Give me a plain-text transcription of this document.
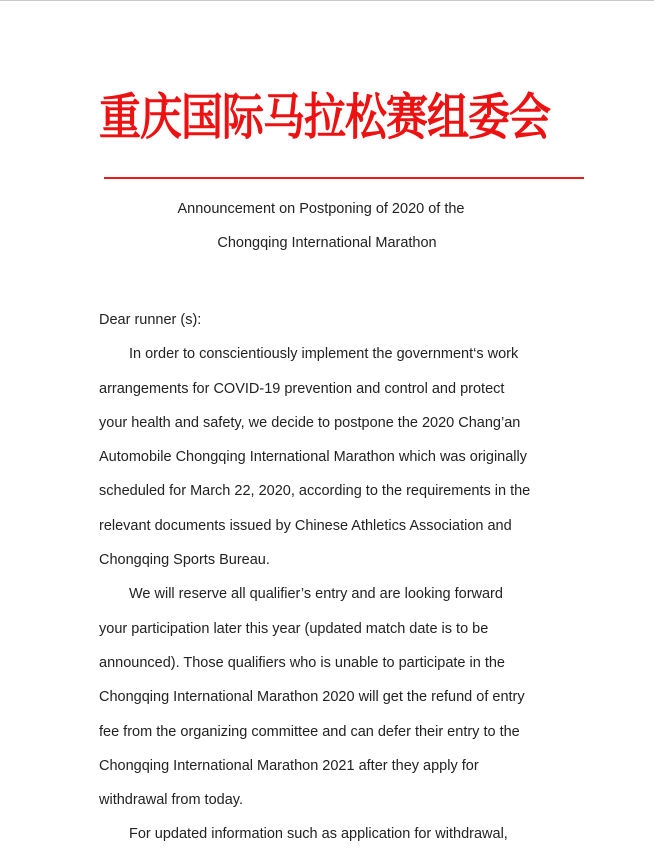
重庆国际马拉松赛组委会
Announcement on Postponing of 2020 of the
Chongqing International Marathon

Dear runner (s):

In order to conscientiously implement the government‘s work
arrangements for COVID-19 prevention and control and protect
your health and safety, we decide to postpone the 2020 Chang’an
Automobile Chongqing International Marathon which was originally
scheduled for March 22, 2020, according to the requirements in the
relevant documents issued by Chinese Athletics Association and
Chongqing Sports Bureau.

We will reserve all qualifier’s entry and are looking forward
your participation later this year (updated match date is to be
announced). Those qualifiers who is unable to participate in the
Chongqing International Marathon 2020 will get the refund of entry
fee from the organizing committee and can defer their entry to the
Chongqing International Marathon 2021 after they apply for
withdrawal from today.

For updated information such as application for withdrawal,
